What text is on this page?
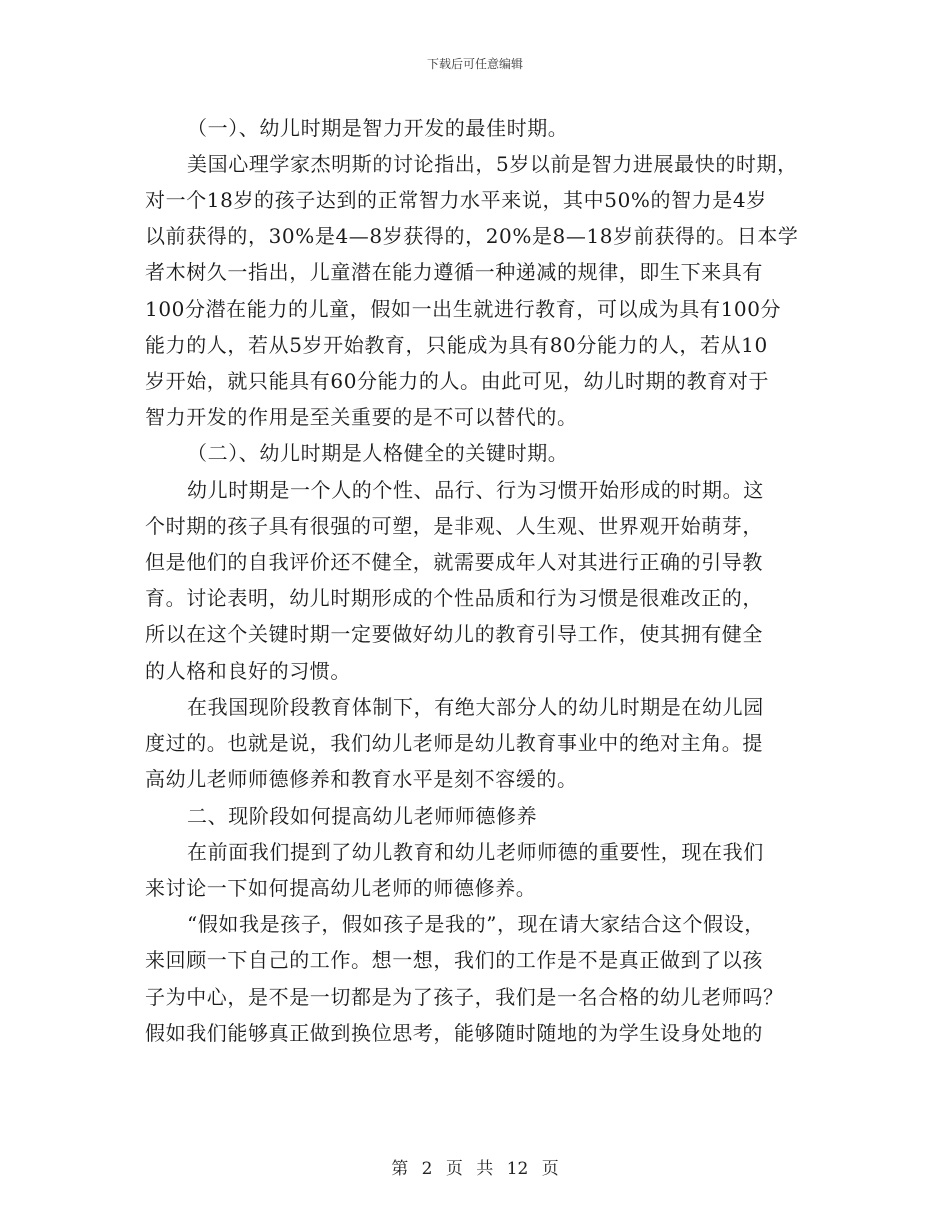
下载后可任意编辑
（一）、幼儿时期是智力开发的最佳时期。
美国心理学家杰明斯的讨论指出，5岁以前是智力进展最快的时期，
对一个18岁的孩子达到的正常智力水平来说，其中50%的智力是4岁
以前获得的，30%是4—8岁获得的，20%是8—18岁前获得的。日本学
者木树久一指出，儿童潜在能力遵循一种递减的规律，即生下来具有
100分潜在能力的儿童，假如一出生就进行教育，可以成为具有100分
能力的人，若从5岁开始教育，只能成为具有80分能力的人，若从10
岁开始，就只能具有60分能力的人。由此可见，幼儿时期的教育对于
智力开发的作用是至关重要的是不可以替代的。
（二）、幼儿时期是人格健全的关键时期。
幼儿时期是一个人的个性、品行、行为习惯开始形成的时期。这
个时期的孩子具有很强的可塑，是非观、人生观、世界观开始萌芽，
但是他们的自我评价还不健全，就需要成年人对其进行正确的引导教
育。讨论表明，幼儿时期形成的个性品质和行为习惯是很难改正的，
所以在这个关键时期一定要做好幼儿的教育引导工作，使其拥有健全
的人格和良好的习惯。
在我国现阶段教育体制下，有绝大部分人的幼儿时期是在幼儿园
度过的。也就是说，我们幼儿老师是幼儿教育事业中的绝对主角。提
高幼儿老师师德修养和教育水平是刻不容缓的。
二、现阶段如何提高幼儿老师师德修养
在前面我们提到了幼儿教育和幼儿老师师德的重要性，现在我们
来讨论一下如何提高幼儿老师的师德修养。
“假如我是孩子，假如孩子是我的”，现在请大家结合这个假设，
来回顾一下自己的工作。想一想，我们的工作是不是真正做到了以孩
子为中心，是不是一切都是为了孩子，我们是一名合格的幼儿老师吗？
假如我们能够真正做到换位思考，能够随时随地的为学生设身处地的
第 2 页 共 12 页
